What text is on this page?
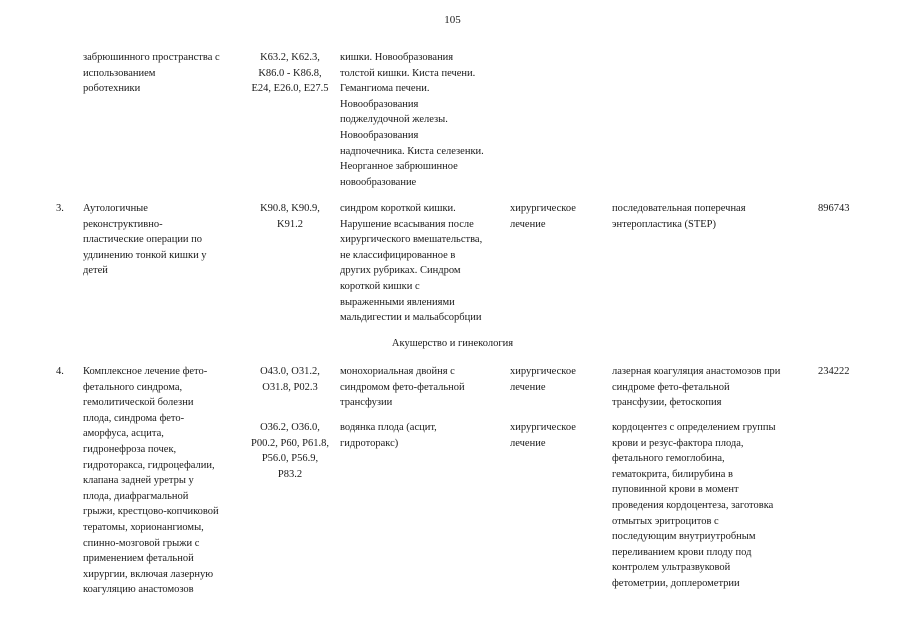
105
забрюшинного пространства с
использованием
роботехники
K63.2, K62.3,
K86.0 - K86.8,
E24, E26.0, E27.5
кишки. Новообразования
толстой кишки. Киста печени.
Гемангиома печени.
Новообразования
поджелудочной железы.
Новообразования
надпочечника. Киста селезенки.
Неорганное забрюшинное
новообразование
3. Аутологичные
реконструктивно-
пластические операции по
удлинению тонкой кишки у
детей
K90.8, K90.9,
K91.2
синдром короткой кишки.
Нарушение всасывания после
хирургического вмешательства,
не классифицированное в
других рубриках. Синдром
короткой кишки с
выраженными явлениями
мальдигестии и мальабсорбции
хирургическое
лечение
последовательная поперечная
энтеропластика (STEP)
896743
Акушерство и гинекология
4. Комплексное лечение фето-
фетального синдрома,
гемолитической болезни
плода, синдрома фето-
аморфуса, асцита,
гидронефроза почек,
гидроторакса, гидроцефалии,
клапана задней уретры у
плода, диафрагмальной
грыжи, крестцово-копчиковой
тератомы, хорионангиомы,
спинно-мозговой грыжи с
применением фетальной
хирургии, включая лазерную
коагуляцию анастомозов
O43.0, O31.2,
O31.8, P02.3
монохориальная двойня с
синдромом фето-фетальной
трансфузии
хирургическое
лечение
лазерная коагуляция анастомозов при
синдроме фето-фетальной
трансфузии, фетоскопия
234222
O36.2, O36.0,
P00.2, P60, P61.8,
P56.0, P56.9,
P83.2
водянка плода (асцит,
гидроторакс)
хирургическое
лечение
кордоцентез с определением группы
крови и резус-фактора плода,
фетального гемоглобина,
гематокрита, билирубина в
пуповинной крови в момент
проведения кордоцентеза, заготовка
отмытых эритроцитов с
последующим внутриутробным
переливанием крови плоду под
контролем ультразвуковой
фетометрии, доплерометрии
